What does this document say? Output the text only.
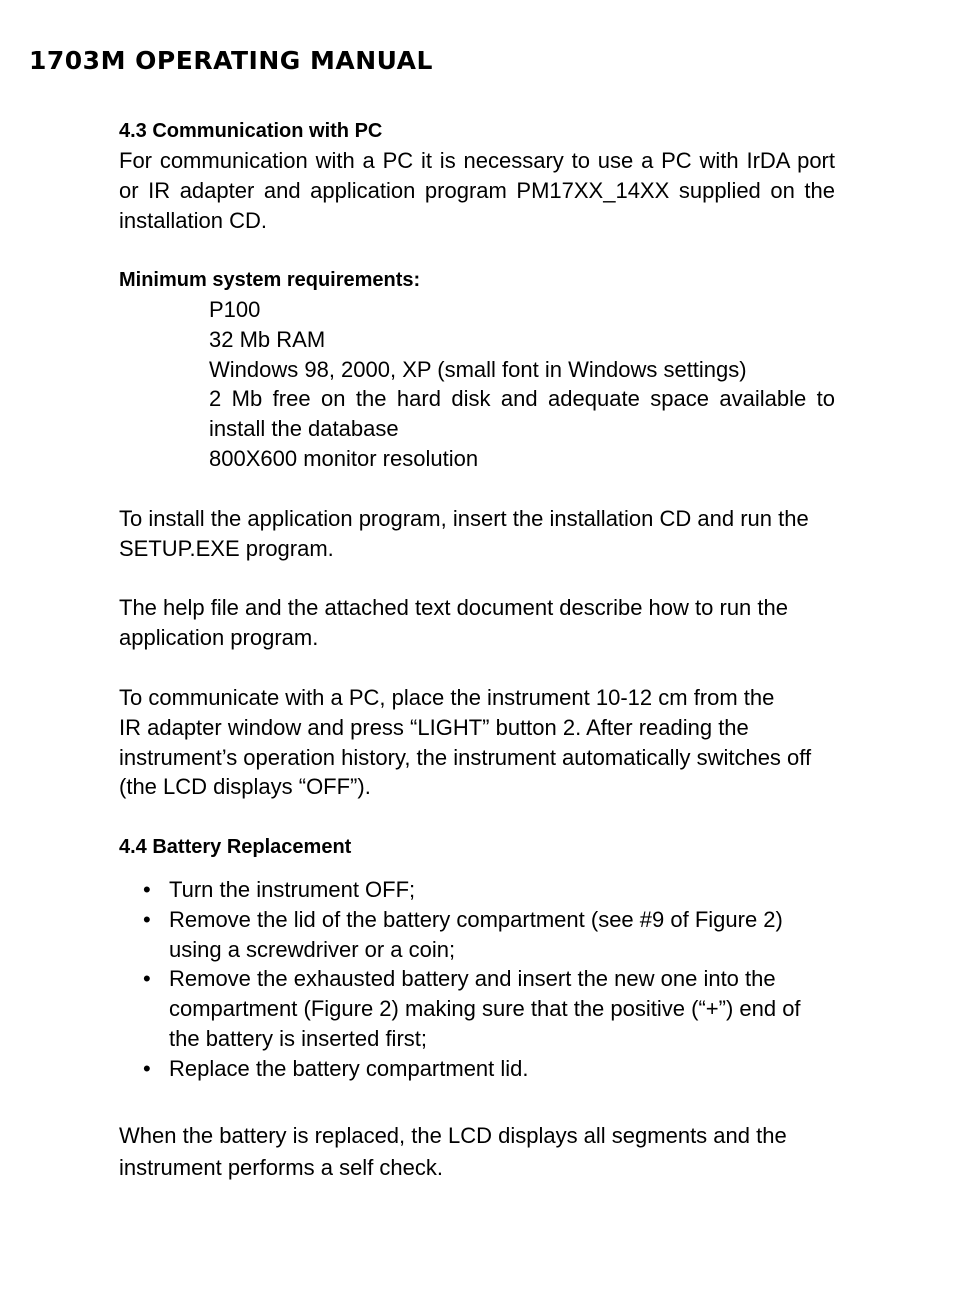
1703M OPERATING MANUAL
4.3 Communication with PC
For communication with a PC it is necessary to use a PC with IrDA port or IR adapter and application program PM17XX_14XX supplied on the installation CD.
Minimum system requirements:
P100
32 Mb RAM
Windows 98, 2000, XP (small font in Windows settings)
2 Mb free on the hard disk and adequate space available to install the database
800X600 monitor resolution
To install the application program, insert the installation CD and run the
SETUP.EXE program.
The help file and the attached text document describe how to run the
application program.
To communicate with a PC, place the instrument 10-12 cm from the
IR adapter window and press “LIGHT” button 2. After reading the
instrument’s operation history, the instrument automatically switches off
(the LCD displays “OFF”).
4.4 Battery Replacement
• Turn the instrument OFF;
• Remove the lid of the battery compartment (see #9 of Figure 2)
using a screwdriver or a coin;
• Remove the exhausted battery and insert the new one into the
compartment (Figure 2) making sure that the positive (“+”) end of
the battery is inserted first;
• Replace the battery compartment lid.
When the battery is replaced, the LCD displays all segments and the
instrument performs a self check.
